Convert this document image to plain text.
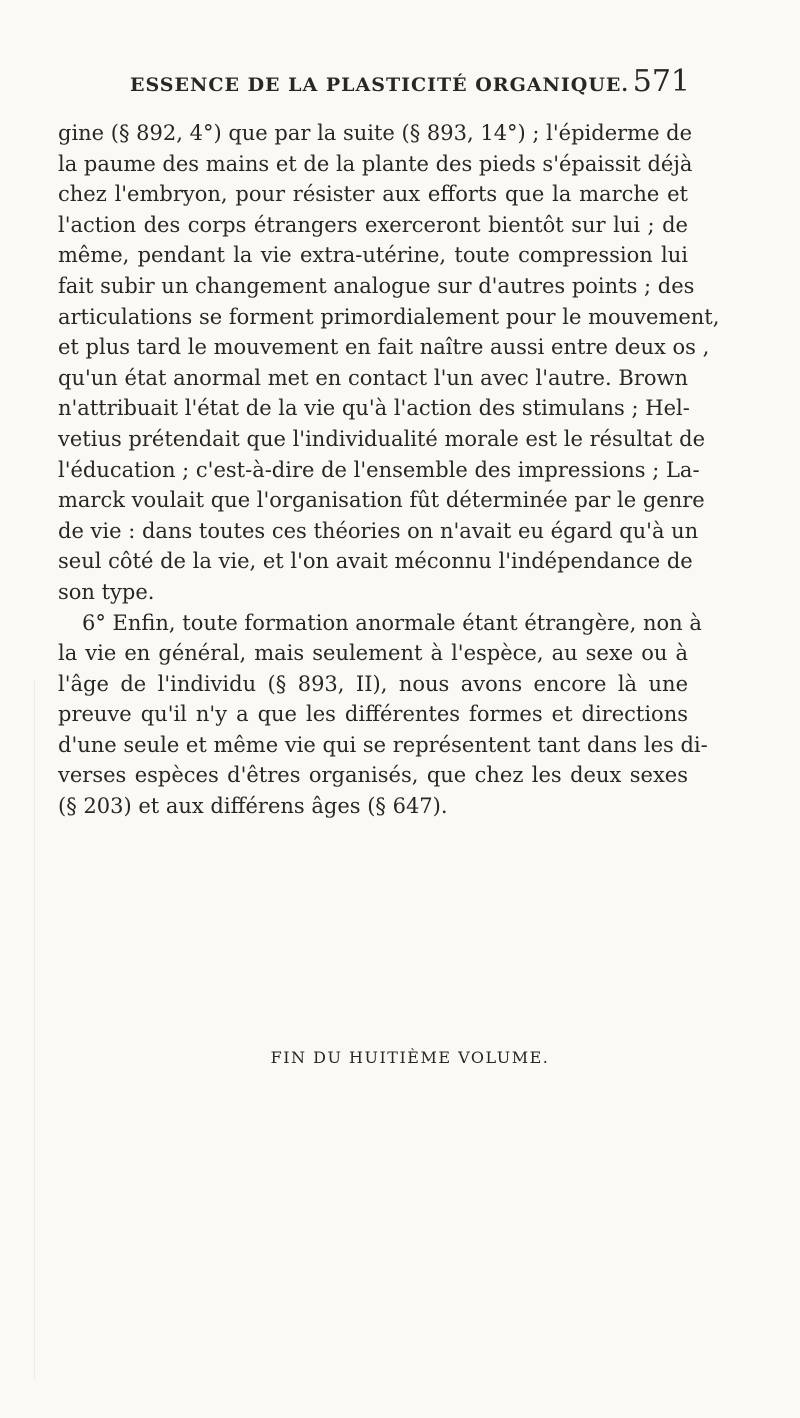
ESSENCE DE LA PLASTICITÉ ORGANIQUE. 571
gine (§ 892, 4°) que par la suite (§ 893, 14°) ; l'épiderme de
la paume des mains et de la plante des pieds s'épaissit déjà
chez l'embryon, pour résister aux efforts que la marche et
l'action des corps étrangers exerceront bientôt sur lui ; de
même, pendant la vie extra-utérine, toute compression lui
fait subir un changement analogue sur d'autres points ; des
articulations se forment primordialement pour le mouvement,
et plus tard le mouvement en fait naître aussi entre deux os ,
qu'un état anormal met en contact l'un avec l'autre. Brown
n'attribuait l'état de la vie qu'à l'action des stimulans ; Hel-
vetius prétendait que l'individualité morale est le résultat de
l'éducation ; c'est-à-dire de l'ensemble des impressions ; La-
marck voulait que l'organisation fût déterminée par le genre
de vie : dans toutes ces théories on n'avait eu égard qu'à un
seul côté de la vie, et l'on avait méconnu l'indépendance de
son type.
6° Enfin, toute formation anormale étant étrangère, non à
la vie en général, mais seulement à l'espèce, au sexe ou à
l'âge de l'individu (§ 893, II), nous avons encore là une
preuve qu'il n'y a que les différentes formes et directions
d'une seule et même vie qui se représentent tant dans les di-
verses espèces d'êtres organisés, que chez les deux sexes
(§ 203) et aux différens âges (§ 647).
FIN DU HUITIÈME VOLUME.
